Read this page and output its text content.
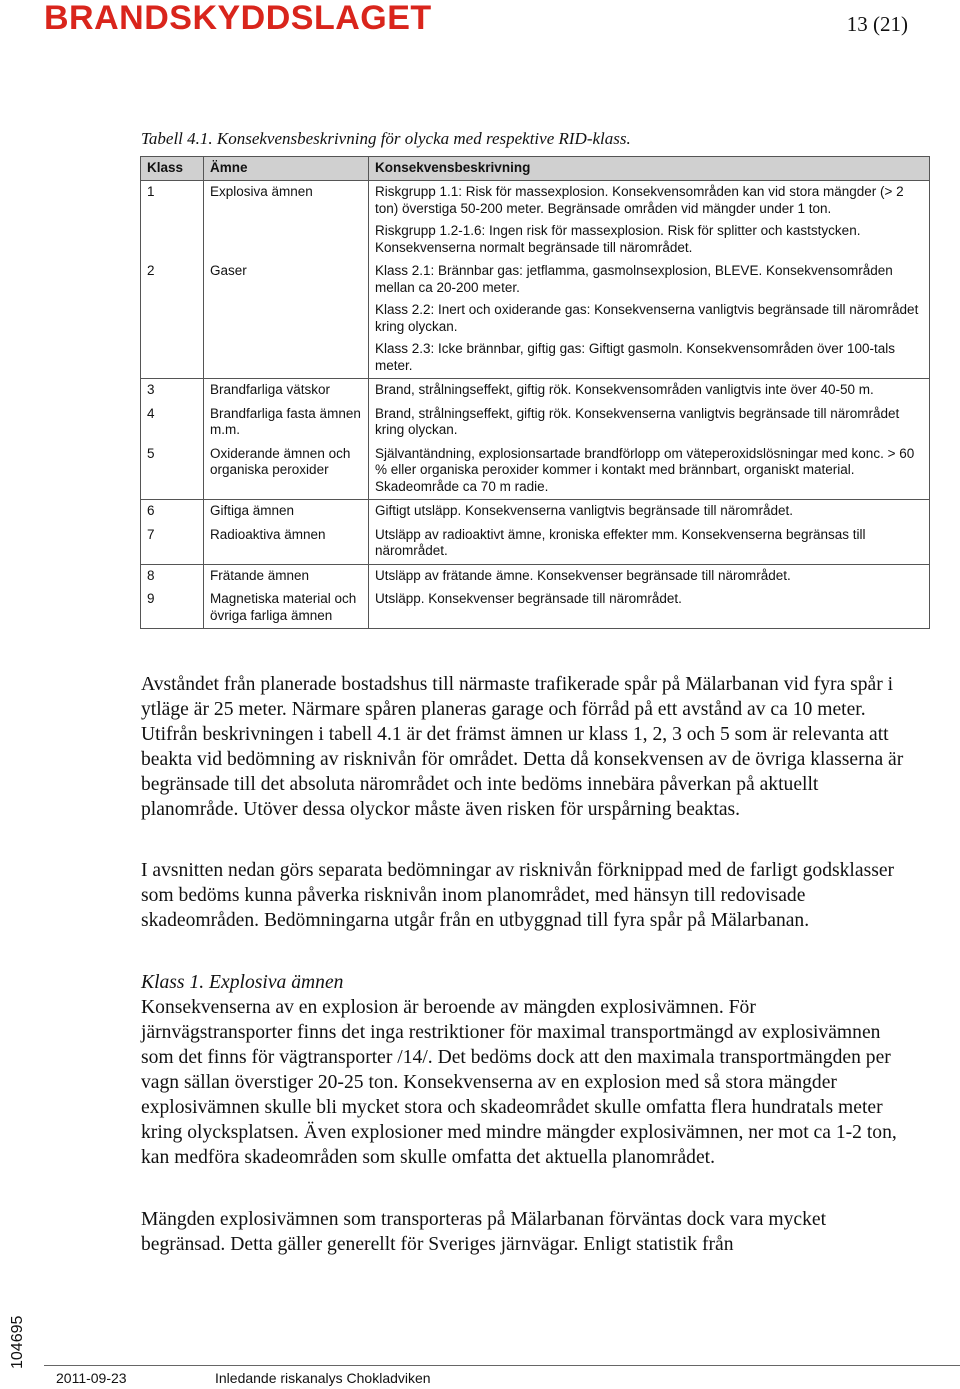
BRANDSKYDDSLAGET	13 (21)
Tabell 4.1. Konsekvensbeskrivning för olycka med respektive RID-klass.
Klass	Ämne	Konsekvensbeskrivning
1	Explosiva ämnen	Riskgrupp 1.1: Risk för massexplosion. Konsekvensområden kan vid stora mängder (> 2 ton) överstiga 50-200 meter. Begränsade områden vid mängder under 1 ton.
Riskgrupp 1.2-1.6: Ingen risk för massexplosion. Risk för splitter och kaststycken. Konsekvenserna normalt begränsade till närområdet.

2	Gaser	Klass 2.1: Brännbar gas: jetflamma, gasmolnsexplosion, BLEVE. Konsekvensområden mellan ca 20-200 meter.
Klass 2.2: Inert och oxiderande gas: Konsekvenserna vanligtvis begränsade till närområdet kring olyckan.
Klass 2.3: Icke brännbar, giftig gas: Giftigt gasmoln. Konsekvensområden över 100-tals meter.

3	Brandfarliga vätskor	Brand, strålningseffekt, giftig rök. Konsekvensområden vanligtvis inte över 40-50 m.

4	Brandfarliga fasta ämnen m.m.	Brand, strålningseffekt, giftig rök. Konsekvenserna vanligtvis begränsade till närområdet kring olyckan.

5	Oxiderande ämnen och organiska peroxider	Självantändning, explosionsartade brandförlopp om väteperoxidslösningar med konc. > 60 % eller organiska peroxider kommer i kontakt med brännbart, organiskt material. Skadeområde ca 70 m radie.

6	Giftiga ämnen	Giftigt utsläpp. Konsekvenserna vanligtvis begränsade till närområdet.

7	Radioaktiva ämnen	Utsläpp av radioaktivt ämne, kroniska effekter mm. Konsekvenserna begränsas till närområdet.

8	Frätande ämnen	Utsläpp av frätande ämne. Konsekvenser begränsade till närområdet.

9	Magnetiska material och övriga farliga ämnen	Utsläpp. Konsekvenser begränsade till närområdet.

Avståndet från planerade bostadshus till närmaste trafikerade spår på Mälarbanan vid fyra spår i ytläge är 25 meter. Närmare spåren planeras garage och förråd på ett avstånd av ca 10 meter. Utifrån beskrivningen i tabell 4.1 är det främst ämnen ur klass 1, 2, 3 och 5 som är relevanta att beakta vid bedömning av risknivån för området. Detta då konsekvensen av de övriga klasserna är begränsade till det absoluta närområdet och inte bedöms innebära påverkan på aktuellt planområde. Utöver dessa olyckor måste även risken för urspårning beaktas.

I avsnitten nedan görs separata bedömningar av risknivån förknippad med de farligt godsklasser som bedöms kunna påverka risknivån inom planområdet, med hänsyn till redovisade skadeområden. Bedömningarna utgår från en utbyggnad till fyra spår på Mälarbanan.

Klass 1. Explosiva ämnen

Konsekvenserna av en explosion är beroende av mängden explosivämnen. För järnvägstransporter finns det inga restriktioner för maximal transportmängd av explosivämnen som det finns för vägtransporter /14/. Det bedöms dock att den maximala transportmängden per vagn sällan överstiger 20-25 ton. Konsekvenserna av en explosion med så stora mängder explosivämnen skulle bli mycket stora och skadeområdet skulle omfatta flera hundratals meter kring olycksplatsen. Även explosioner med mindre mängder explosivämnen, ner mot ca 1-2 ton, kan medföra skadeområden som skulle omfatta det aktuella planområdet.

Mängden explosivämnen som transporteras på Mälarbanan förväntas dock vara mycket begränsad. Detta gäller generellt för Sveriges järnvägar. Enligt statistik från

104695
2011-09-23	Inledande riskanalys Chokladviken
